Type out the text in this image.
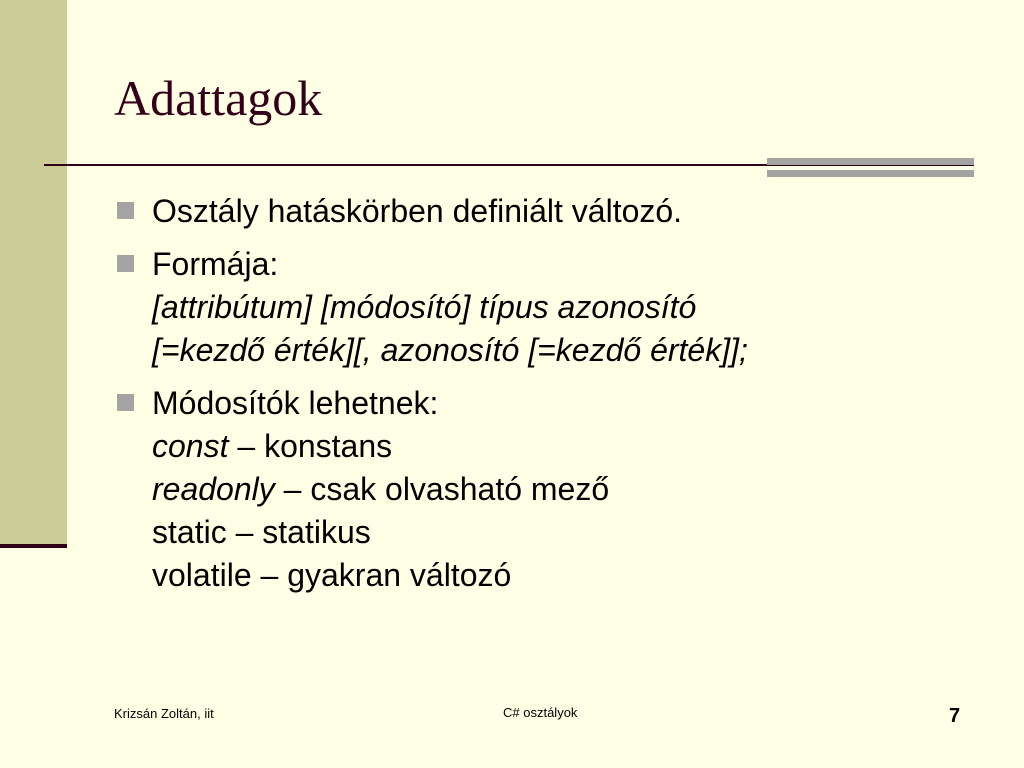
Adattagok
Osztály hatáskörben definiált változó.
Formája:
[attribútum] [módosító] típus azonosító
[=kezdő érték][, azonosító [=kezdő érték]];
Módosítók lehetnek:
const – konstans
readonly – csak olvasható mező
static – statikus
volatile – gyakran változó
Krizsán Zoltán, iit	C# osztályok	7
